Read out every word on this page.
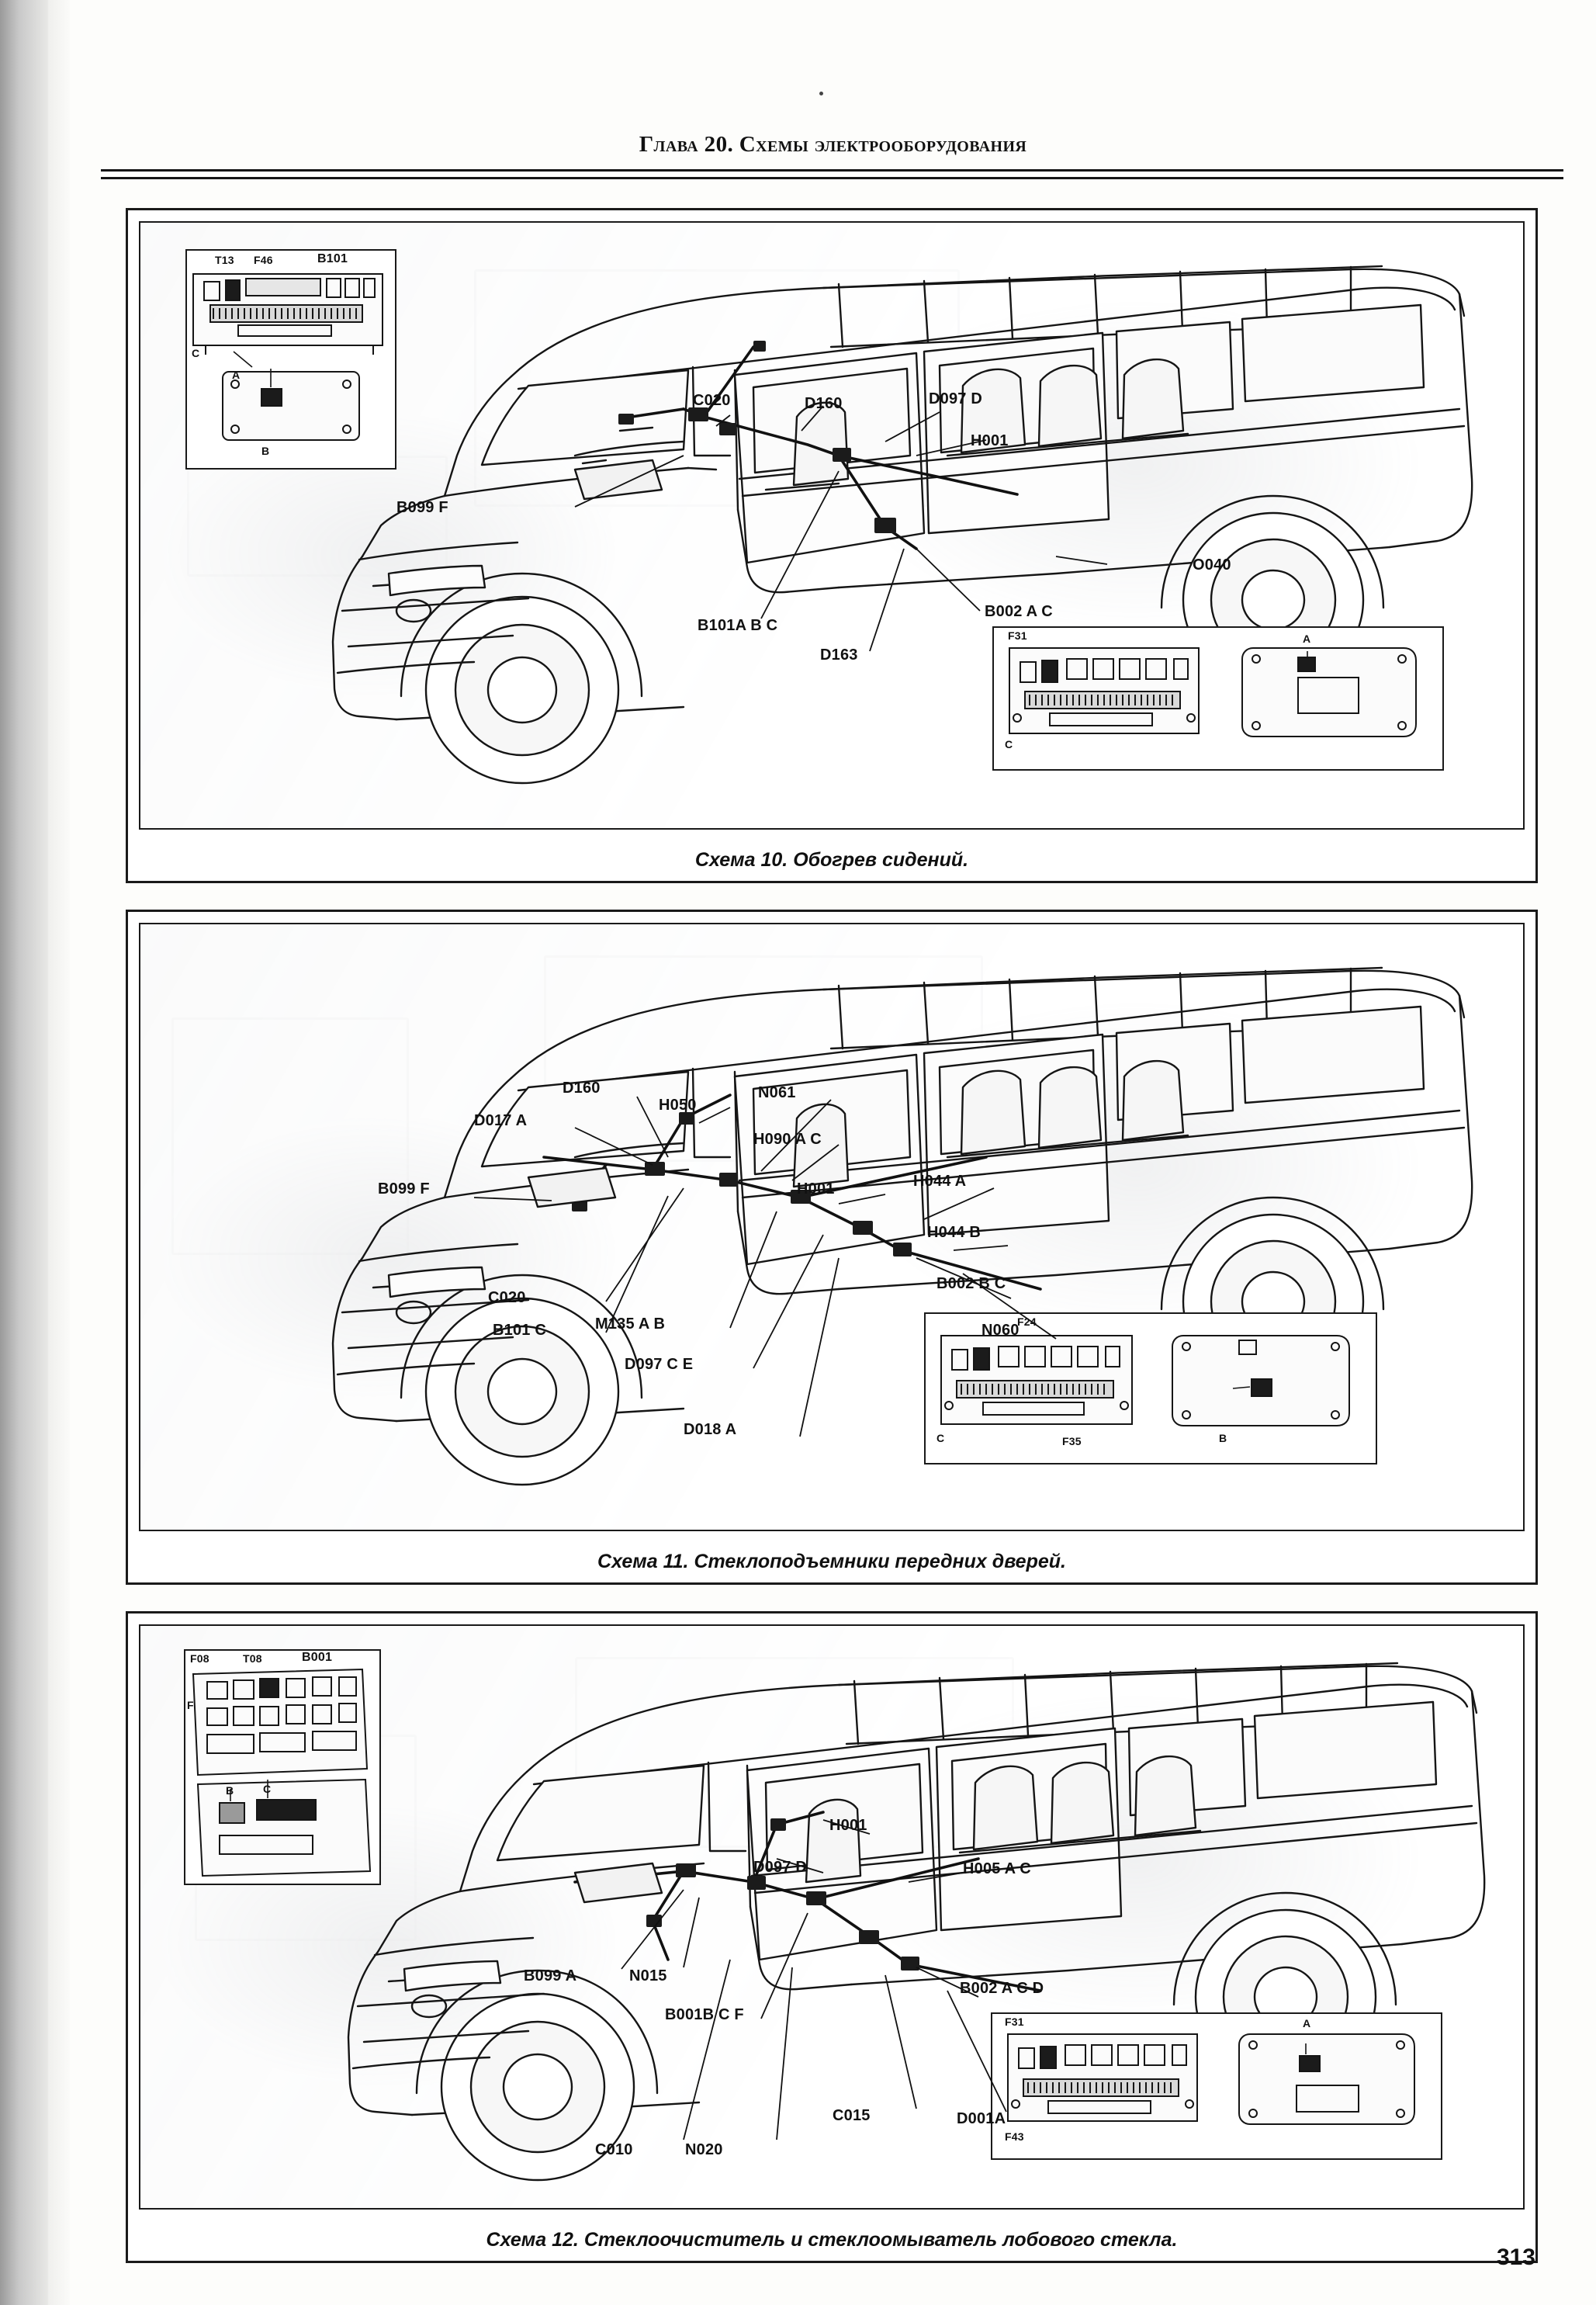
Глава 20. Схемы электрооборудования
T13 F46	B101
C
A
B
F31	A
C
C020	D160	D097 D
H001
B099 F
O040
B101A B C
B002 A C
D163
Схема 10. Обогрев сидений.
F24
F35	B
C
D160
H050
N061
D017 A
H090 A C
H001	H044 A
B099 F
H044 B
B002 B C
C020
B101 C	M135 A B	N060
D097 C E
D018 A
Схема 11. Стеклоподъемники передних дверей.
F08	T08	B001
F
B	C
F31	A
F43
H001
D097 D	H005 A C
B099 A	N015
B001B C F
B002 A C D
C015	D001A
C010	N020
Схема 12. Стеклоочиститель и стеклоомыватель лобового стекла.
313
